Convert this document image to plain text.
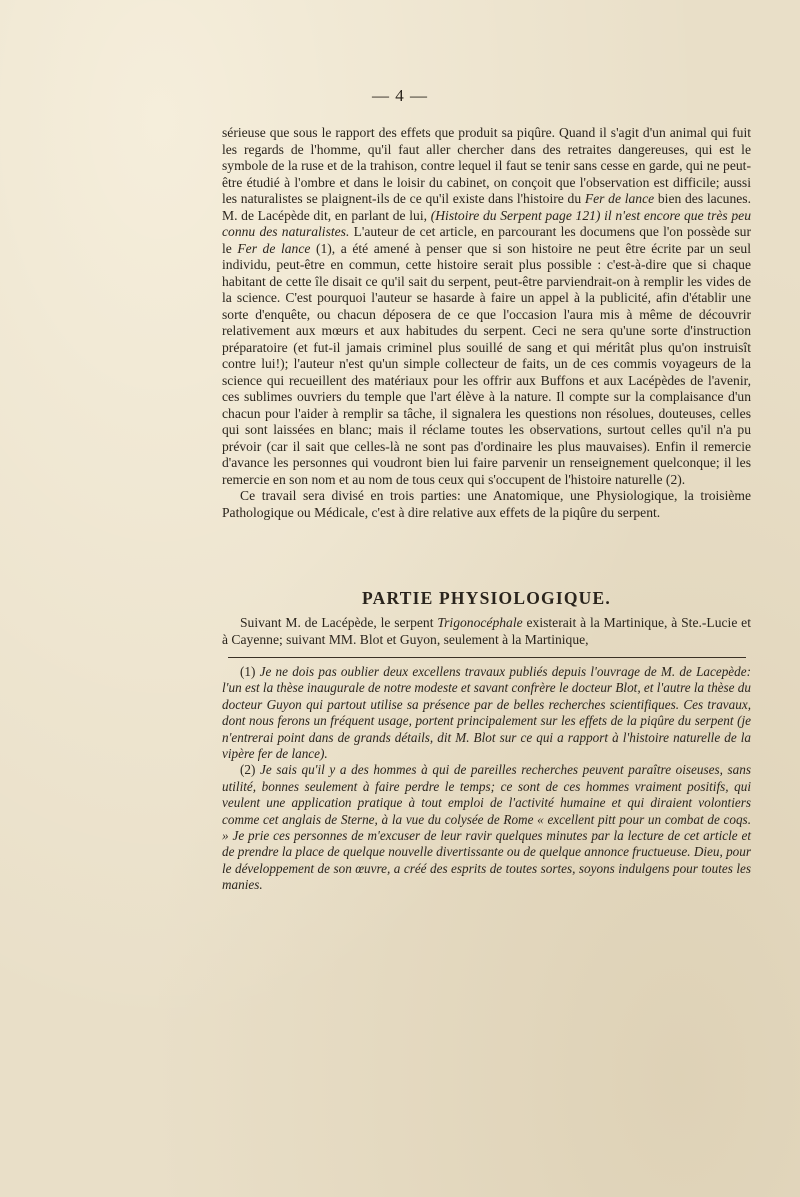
— 4 —

sérieuse que sous le rapport des effets que produit sa piqûre. Quand il s'agit d'un animal qui fuit les regards de l'homme, qu'il faut aller chercher dans des retraites dangereuses, qui est le symbole de la ruse et de la trahison, contre lequel il faut se tenir sans cesse en garde, qui ne peut-être étudié à l'ombre et dans le loisir du cabinet, on conçoit que l'observation est difficile; aussi les naturalistes se plaignent-ils de ce qu'il existe dans l'histoire du Fer de lance bien des lacunes. M. de Lacépède dit, en parlant de lui, (Histoire du Serpent page 121) il n'est encore que très peu connu des naturalistes. L'auteur de cet article, en parcourant les documens que l'on possède sur le Fer de lance (1), a été amené à penser que si son histoire ne peut être écrite par un seul individu, peut-être en commun, cette histoire serait plus possible : c'est-à-dire que si chaque habitant de cette île disait ce qu'il sait du serpent, peut-être parviendrait-on à remplir les vides de la science. C'est pourquoi l'auteur se hasarde à faire un appel à la publicité, afin d'établir une sorte d'enquête, ou chacun déposera de ce que l'occasion l'aura mis à même de découvrir relativement aux mœurs et aux habitudes du serpent. Ceci ne sera qu'une sorte d'instruction préparatoire (et fut-il jamais criminel plus souillé de sang et qui méritât plus qu'on instruisît contre lui!); l'auteur n'est qu'un simple collecteur de faits, un de ces commis voyageurs de la science qui recueillent des matériaux pour les offrir aux Buffons et aux Lacépèdes de l'avenir, ces sublimes ouvriers du temple que l'art élève à la nature. Il compte sur la complaisance d'un chacun pour l'aider à remplir sa tâche, il signalera les questions non résolues, douteuses, celles qui sont laissées en blanc; mais il réclame toutes les observations, surtout celles qu'il n'a pu prévoir (car il sait que celles-là ne sont pas d'ordinaire les plus mauvaises). Enfin il remercie d'avance les personnes qui voudront bien lui faire parvenir un renseignement quelconque; il les remercie en son nom et au nom de tous ceux qui s'occupent de l'histoire naturelle (2).

Ce travail sera divisé en trois parties: une Anatomique, une Physiologique, la troisième Pathologique ou Médicale, c'est à dire relative aux effets de la piqûre du serpent.

PARTIE PHYSIOLOGIQUE.

Suivant M. de Lacépède, le serpent Trigonocéphale existerait à la Martinique, à Ste.-Lucie et à Cayenne; suivant MM. Blot et Guyon, seulement à la Martinique,

(1) Je ne dois pas oublier deux excellens travaux publiés depuis l'ouvrage de M. de Lacepède: l'un est la thèse inaugurale de notre modeste et savant confrère le docteur Blot, et l'autre la thèse du docteur Guyon qui partout utilise sa présence par de belles recherches scientifiques. Ces travaux, dont nous ferons un fréquent usage, portent principalement sur les effets de la piqûre du serpent (je n'entrerai point dans de grands détails, dit M. Blot sur ce qui a rapport à l'histoire naturelle de la vipère fer de lance).

(2) Je sais qu'il y a des hommes à qui de pareilles recherches peuvent paraître oiseuses, sans utilité, bonnes seulement à faire perdre le temps; ce sont de ces hommes vraiment positifs, qui veulent une application pratique à tout emploi de l'activité humaine et qui diraient volontiers comme cet anglais de Sterne, à la vue du colysée de Rome « excellent pitt pour un combat de coqs. » Je prie ces personnes de m'excuser de leur ravir quelques minutes par la lecture de cet article et de prendre la place de quelque nouvelle divertissante ou de quelque annonce fructueuse. Dieu, pour le développement de son œuvre, a créé des esprits de toutes sortes, soyons indulgens pour toutes les manies.
